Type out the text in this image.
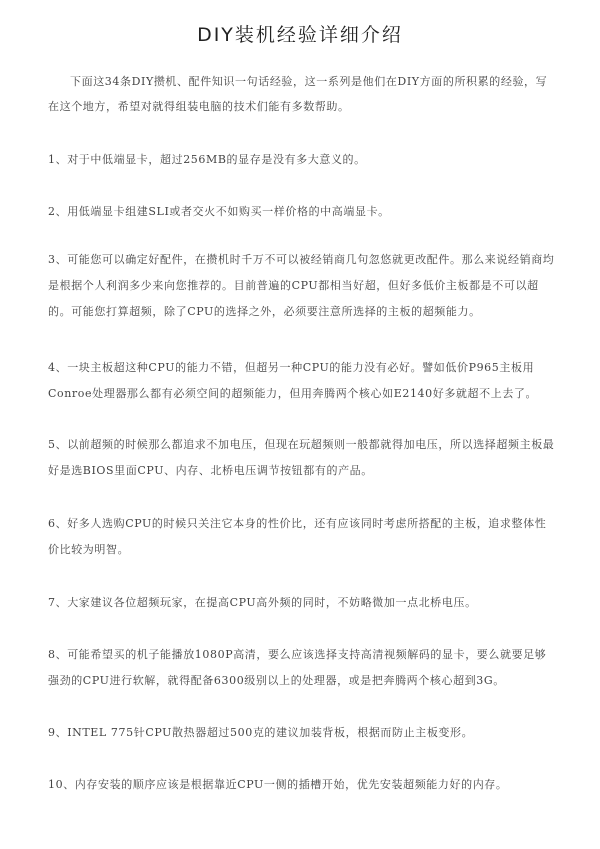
DIY装机经验详细介绍

下面这34条DIY攒机、配件知识一句话经验，这一系列是他们在DIY方面的所积累的经验，写在这个地方，希望对就得组装电脑的技术们能有多数帮助。

1、对于中低端显卡，超过256MB的显存是没有多大意义的。

2、用低端显卡组建SLI或者交火不如购买一样价格的中高端显卡。

3、可能您可以确定好配件，在攒机时千万不可以被经销商几句忽悠就更改配件。那么来说经销商均是根据个人利润多少来向您推荐的。目前普遍的CPU都相当好超，但好多低价主板都是不可以超的。可能您打算超频，除了CPU的选择之外，必须要注意所选择的主板的超频能力。

4、一块主板超这种CPU的能力不错，但超另一种CPU的能力没有必好。譬如低价P965主板用Conroe处理器那么都有必须空间的超频能力，但用奔腾两个核心如E2140好多就超不上去了。

5、以前超频的时候那么都追求不加电压，但现在玩超频则一般都就得加电压，所以选择超频主板最好是选BIOS里面CPU、内存、北桥电压调节按钮都有的产品。

6、好多人选购CPU的时候只关注它本身的性价比，还有应该同时考虑所搭配的主板，追求整体性价比较为明智。

7、大家建议各位超频玩家，在提高CPU高外频的同时，不妨略微加一点北桥电压。

8、可能希望买的机子能播放1080P高清，要么应该选择支持高清视频解码的显卡，要么就要足够强劲的CPU进行软解，就得配备6300级别以上的处理器，或是把奔腾两个核心超到3G。

9、INTEL 775针CPU散热器超过500克的建议加装背板，根据而防止主板变形。

10、内存安装的顺序应该是根据靠近CPU一侧的插槽开始，优先安装超频能力好的内存。
